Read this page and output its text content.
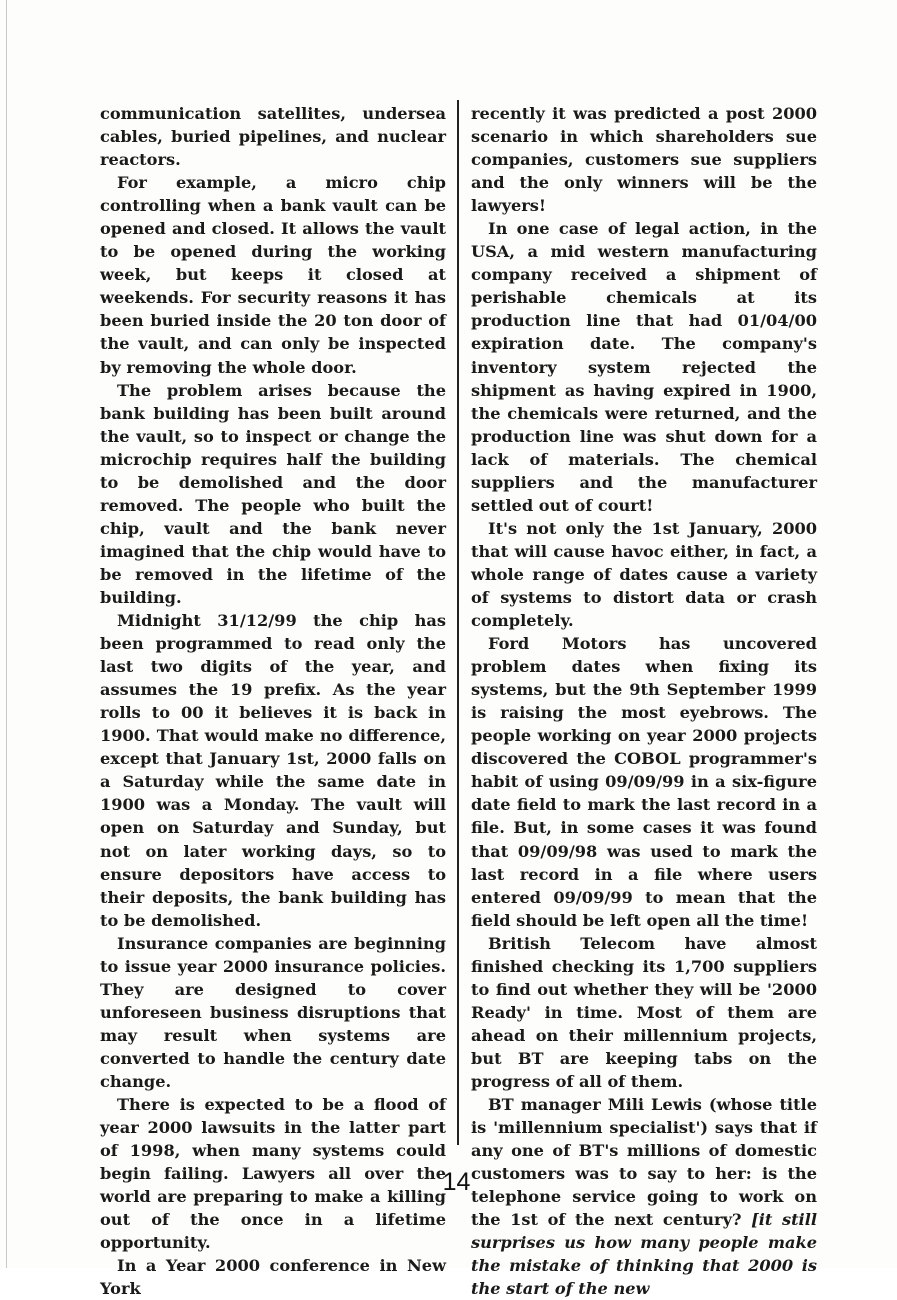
communication satellites, undersea cables, buried pipelines, and nuclear reactors.

For example, a micro chip controlling when a bank vault can be opened and closed. It allows the vault to be opened during the working week, but keeps it closed at weekends. For security reasons it has been buried inside the 20 ton door of the vault, and can only be inspected by removing the whole door.

The problem arises because the bank building has been built around the vault, so to inspect or change the microchip requires half the building to be demolished and the door removed. The people who built the chip, vault and the bank never imagined that the chip would have to be removed in the lifetime of the building.

Midnight 31/12/99 the chip has been programmed to read only the last two digits of the year, and assumes the 19 prefix. As the year rolls to 00 it believes it is back in 1900. That would make no difference, except that January 1st, 2000 falls on a Saturday while the same date in 1900 was a Monday. The vault will open on Saturday and Sunday, but not on later working days, so to ensure depositors have access to their deposits, the bank building has to be demolished.

Insurance companies are beginning to issue year 2000 insurance policies. They are designed to cover unforeseen business disruptions that may result when systems are converted to handle the century date change.

There is expected to be a flood of year 2000 lawsuits in the latter part of 1998, when many systems could begin failing. Lawyers all over the world are preparing to make a killing out of the once in a lifetime opportunity.

In a Year 2000 conference in New York

recently it was predicted a post 2000 scenario in which shareholders sue companies, customers sue suppliers and the only winners will be the lawyers!

In one case of legal action, in the USA, a mid western manufacturing company received a shipment of perishable chemicals at its production line that had 01/04/00 expiration date. The company's inventory system rejected the shipment as having expired in 1900, the chemicals were returned, and the production line was shut down for a lack of materials. The chemical suppliers and the manufacturer settled out of court!

It's not only the 1st January, 2000 that will cause havoc either, in fact, a whole range of dates cause a variety of systems to distort data or crash completely.

Ford Motors has uncovered problem dates when fixing its systems, but the 9th September 1999 is raising the most eyebrows. The people working on year 2000 projects discovered the COBOL programmer's habit of using 09/09/99 in a six-figure date field to mark the last record in a file. But, in some cases it was found that 09/09/98 was used to mark the last record in a file where users entered 09/09/99 to mean that the field should be left open all the time!

British Telecom have almost finished checking its 1,700 suppliers to find out whether they will be '2000 Ready' in time. Most of them are ahead on their millennium projects, but BT are keeping tabs on the progress of all of them.

BT manager Mili Lewis (whose title is 'millennium specialist') says that if any one of BT's millions of domestic customers was to say to her: is the telephone service going to work on the 1st of the next century? [it still surprises us how many people make the mistake of thinking that 2000 is the start of the new

14
